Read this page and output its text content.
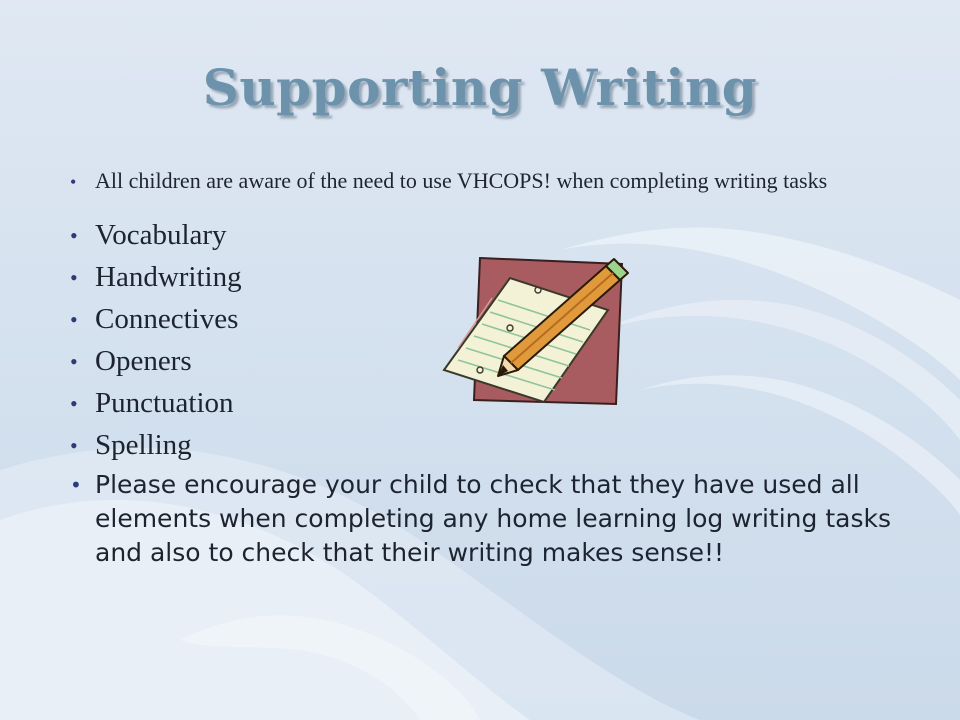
Supporting Writing
• All children are aware of the need to use VHCOPS! when completing writing tasks
• Vocabulary
• Handwriting
• Connectives
• Openers
• Punctuation
• Spelling
• Please encourage your child to check that they have used all elements when completing any home learning log writing tasks and also to check that their writing makes sense!!
